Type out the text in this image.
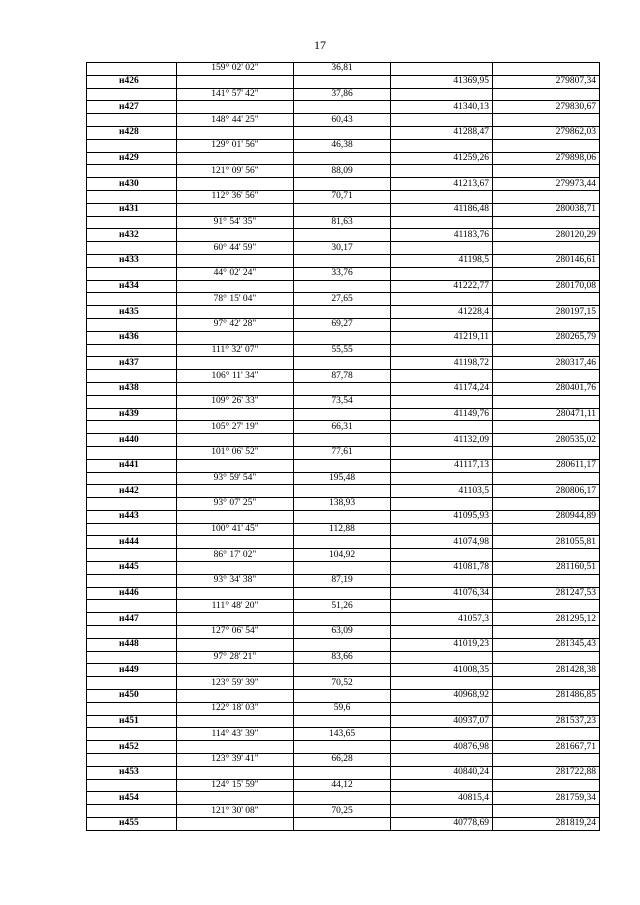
17
	159° 02' 02"	36,81		
н426			41369,95	279807,34
	141° 57' 42"	37,86		
н427			41340,13	279830,67
	148° 44' 25"	60,43		
н428			41288,47	279862,03
	129° 01' 56"	46,38		
н429			41259,26	279898,06
	121° 09' 56"	88,09		
н430			41213,67	279973,44
	112° 36' 56"	70,71		
н431			41186,48	280038,71
	91° 54' 35"	81,63		
н432			41183,76	280120,29
	60° 44' 59"	30,17		
н433			41198,5	280146,61
	44° 02' 24"	33,76		
н434			41222,77	280170,08
	78° 15' 04"	27,65		
н435			41228,4	280197,15
	97° 42' 28"	69,27		
н436			41219,11	280265,79
	111° 32' 07"	55,55		
н437			41198,72	280317,46
	106° 11' 34"	87,78		
н438			41174,24	280401,76
	109° 26' 33"	73,54		
н439			41149,76	280471,11
	105° 27' 19"	66,31		
н440			41132,09	280535,02
	101° 06' 52"	77,61		
н441			41117,13	280611,17
	93° 59' 54"	195,48		
н442			41103,5	280806,17
	93° 07' 25"	138,93		
н443			41095,93	280944,89
	100° 41' 45"	112,88		
н444			41074,98	281055,81
	86° 17' 02"	104,92		
н445			41081,78	281160,51
	93° 34' 38"	87,19		
н446			41076,34	281247,53
	111° 48' 20"	51,26		
н447			41057,3	281295,12
	127° 06' 54"	63,09		
н448			41019,23	281345,43
	97° 28' 21"	83,66		
н449			41008,35	281428,38
	123° 59' 39"	70,52		
н450			40968,92	281486,85
	122° 18' 03"	59,6		
н451			40937,07	281537,23
	114° 43' 39"	143,65		
н452			40876,98	281667,71
	123° 39' 41"	66,28		
н453			40840,24	281722,88
	124° 15' 59"	44,12		
н454			40815,4	281759,34
	121° 30' 08"	70,25		
н455			40778,69	281819,24
